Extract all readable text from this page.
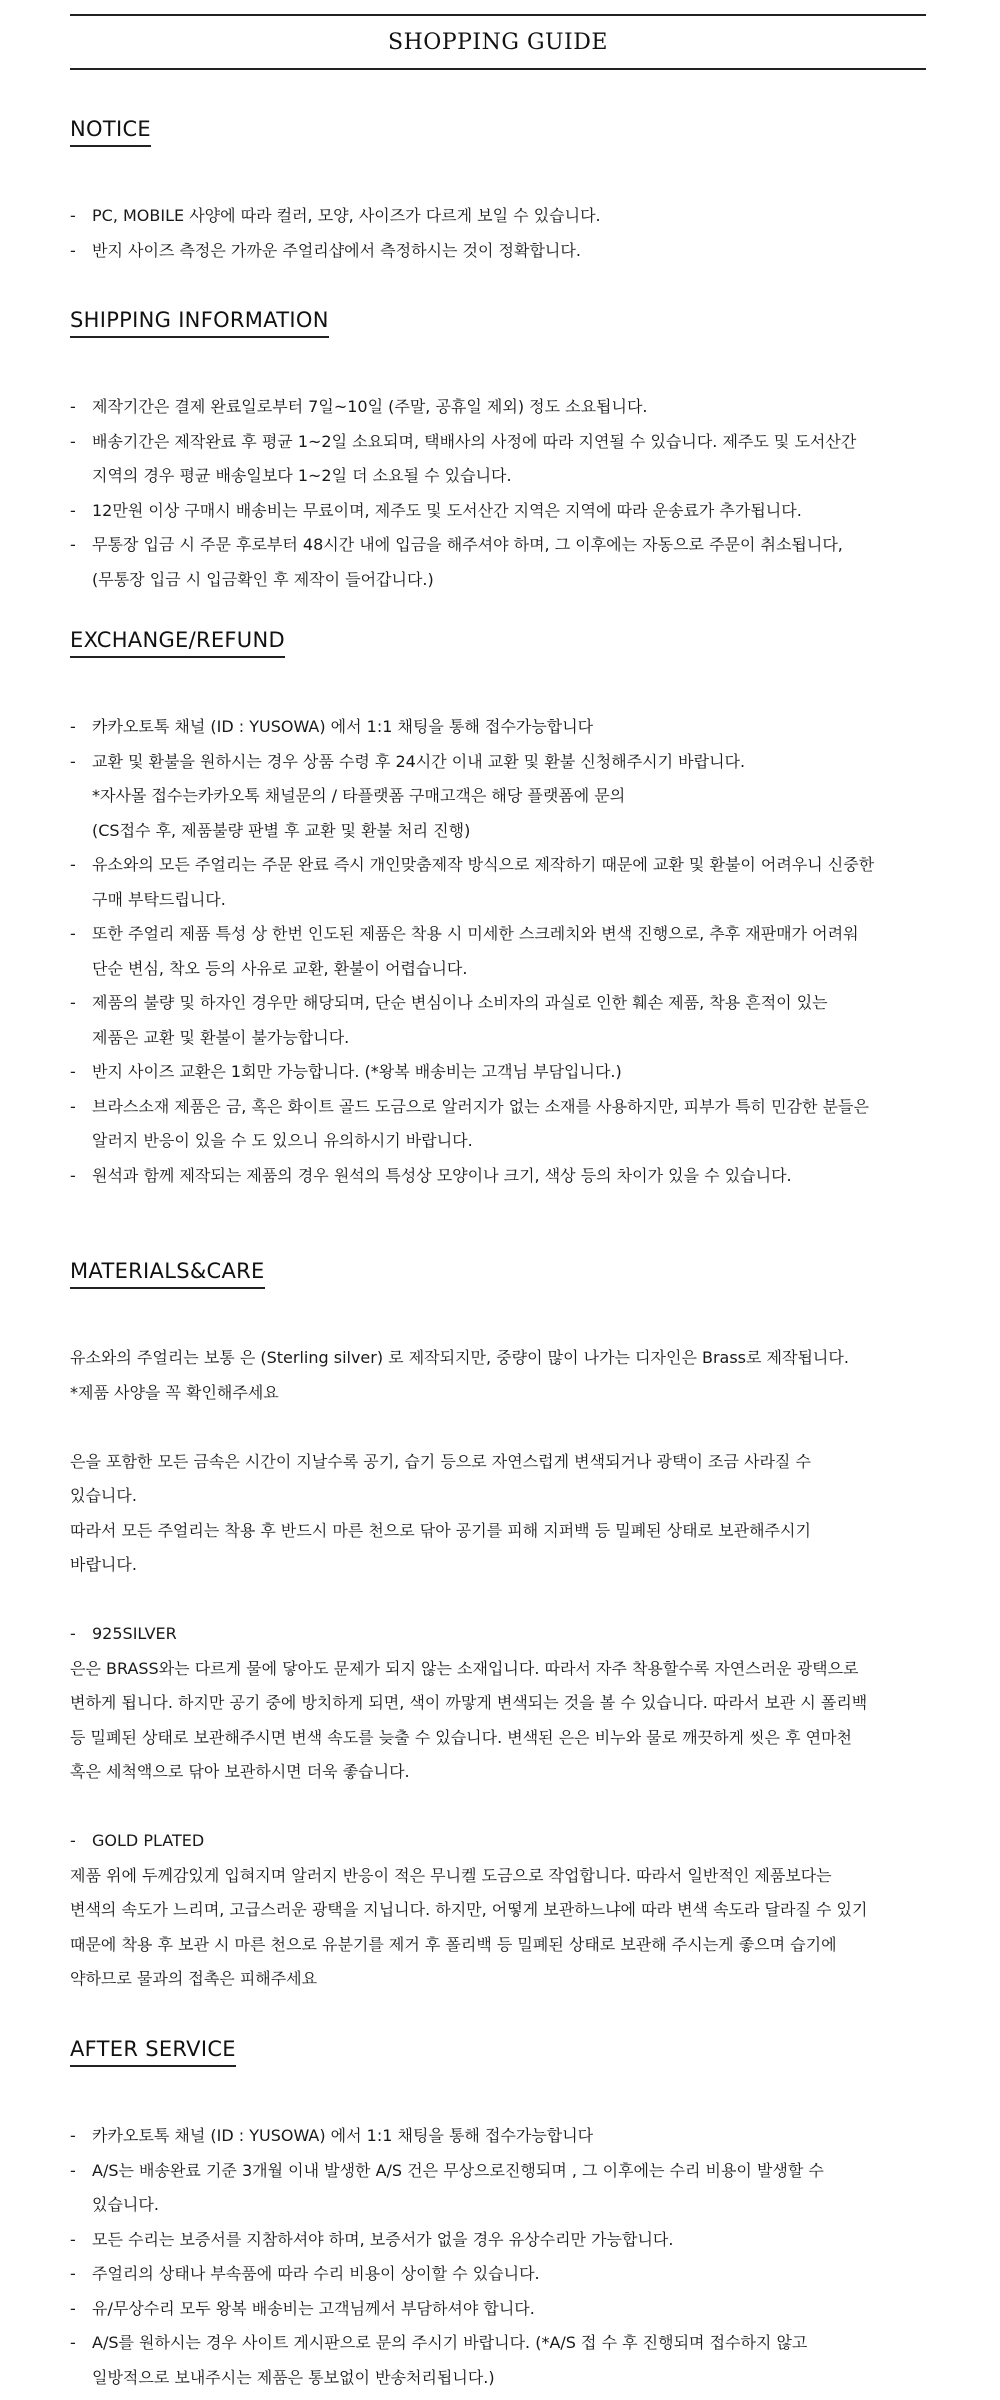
SHOPPING GUIDE
NOTICE
- PC, MOBILE 사양에 따라 컬러, 모양, 사이즈가 다르게 보일 수 있습니다.
- 반지 사이즈 측정은 가까운 주얼리샵에서 측정하시는 것이 정확합니다.
SHIPPING INFORMATION
- 제작기간은 결제 완료일로부터 7일~10일 (주말, 공휴일 제외) 정도 소요됩니다.
- 배송기간은 제작완료 후 평균 1~2일 소요되며, 택배사의 사정에 따라 지연될 수 있습니다. 제주도 및 도서산간
지역의 경우 평균 배송일보다 1~2일 더 소요될 수 있습니다.
- 12만원 이상 구매시 배송비는 무료이며, 제주도 및 도서산간 지역은 지역에 따라 운송료가 추가됩니다.
- 무통장 입금 시 주문 후로부터 48시간 내에 입금을 해주셔야 하며, 그 이후에는 자동으로 주문이 취소됩니다,
(무통장 입금 시 입금확인 후 제작이 들어갑니다.)
EXCHANGE/REFUND
- 카카오토톡 채널 (ID : YUSOWA) 에서 1:1 채팅을 통해 접수가능합니다
- 교환 및 환불을 원하시는 경우 상품 수령 후 24시간 이내 교환 및 환불 신청해주시기 바랍니다.
*자사몰 접수는카카오톡 채널문의 / 타플랫폼 구매고객은 해당 플랫폼에 문의
(CS접수 후, 제품불량 판별 후 교환 및 환불 처리 진행)
- 유소와의 모든 주얼리는 주문 완료 즉시 개인맞춤제작 방식으로 제작하기 때문에 교환 및 환불이 어려우니 신중한
구매 부탁드립니다.
- 또한 주얼리 제품 특성 상 한번 인도된 제품은 착용 시 미세한 스크레치와 변색 진행으로, 추후 재판매가 어려워
단순 변심, 착오 등의 사유로 교환, 환불이 어렵습니다.
- 제품의 불량 및 하자인 경우만 해당되며, 단순 변심이나 소비자의 과실로 인한 훼손 제품, 착용 흔적이 있는
제품은 교환 및 환불이 불가능합니다.
- 반지 사이즈 교환은 1회만 가능합니다. (*왕복 배송비는 고객님 부담입니다.)
- 브라스소재 제품은 금, 혹은 화이트 골드 도금으로 알러지가 없는 소재를 사용하지만, 피부가 특히 민감한 분들은
알러지 반응이 있을 수 도 있으니 유의하시기 바랍니다.
- 원석과 함께 제작되는 제품의 경우 원석의 특성상 모양이나 크기, 색상 등의 차이가 있을 수 있습니다.
MATERIALS&CARE

유소와의 주얼리는 보통 은 (Sterling silver) 로 제작되지만, 중량이 많이 나가는 디자인은 Brass로 제작됩니다.
*제품 사양을 꼭 확인해주세요

은을 포함한 모든 금속은 시간이 지날수록 공기, 습기 등으로 자연스럽게 변색되거나 광택이 조금 사라질 수
있습니다.
따라서 모든 주얼리는 착용 후 반드시 마른 천으로 닦아 공기를 피해 지퍼백 등 밀폐된 상태로 보관해주시기
바랍니다.

- 925SILVER

은은 BRASS와는 다르게 물에 닿아도 문제가 되지 않는 소재입니다. 따라서 자주 착용할수록 자연스러운 광택으로
변하게 됩니다. 하지만 공기 중에 방치하게 되면, 색이 까맣게 변색되는 것을 볼 수 있습니다. 따라서 보관 시 폴리백
등 밀폐된 상태로 보관해주시면 변색 속도를 늦출 수 있습니다. 변색된 은은 비누와 물로 깨끗하게 씻은 후 연마천
혹은 세척액으로 닦아 보관하시면 더욱 좋습니다.

- GOLD PLATED

제품 위에 두께감있게 입혀지며 알러지 반응이 적은 무니켈 도금으로 작업합니다. 따라서 일반적인 제품보다는
변색의 속도가 느리며, 고급스러운 광택을 지닙니다. 하지만, 어떻게 보관하느냐에 따라 변색 속도라 달라질 수 있기
때문에 착용 후 보관 시 마른 천으로 유분기를 제거 후 폴리백 등 밀폐된 상태로 보관해 주시는게 좋으며 습기에
약하므로 물과의 접촉은 피해주세요

AFTER SERVICE
- 카카오토톡 채널 (ID : YUSOWA) 에서 1:1 채팅을 통해 접수가능합니다
- A/S는 배송완료 기준 3개월 이내 발생한 A/S 건은 무상으로진행되며 , 그 이후에는 수리 비용이 발생할 수
있습니다.
- 모든 수리는 보증서를 지참하셔야 하며, 보증서가 없을 경우 유상수리만 가능합니다.
- 주얼리의 상태나 부속품에 따라 수리 비용이 상이할 수 있습니다.
- 유/무상수리 모두 왕복 배송비는 고객님께서 부담하셔야 합니다.
- A/S를 원하시는 경우 사이트 게시판으로 문의 주시기 바랍니다. (*A/S 접 수 후 진행되며 접수하지 않고
일방적으로 보내주시는 제품은 통보없이 반송처리됩니다.)
